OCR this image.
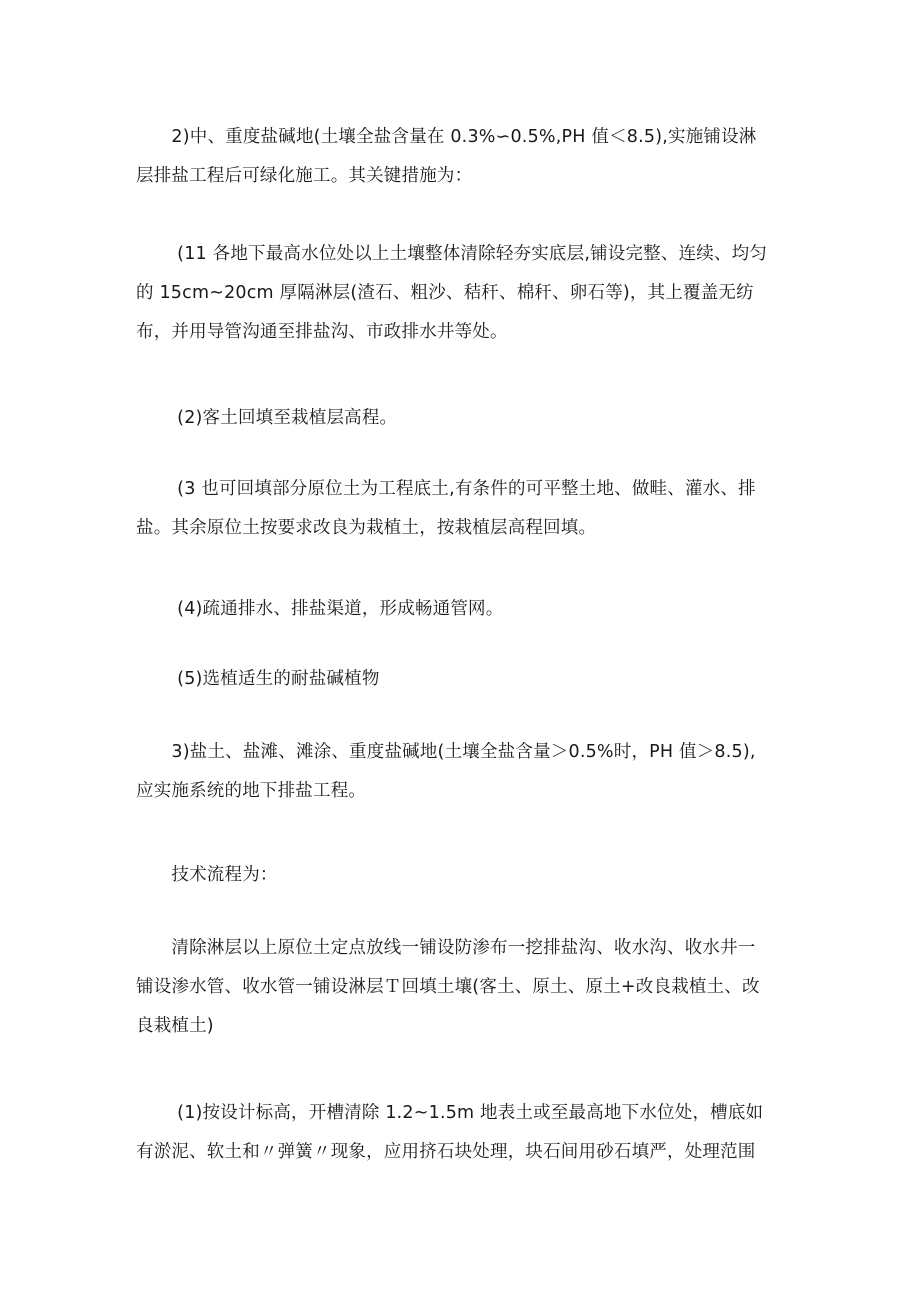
　　2)中、重度盐碱地(土壤全盐含量在 0.3%∽0.5%,PH 值＜8.5),实施铺设淋
层排盐工程后可绿化施工。其关键措施为：

　　 (11 各地下最高水位处以上土壤整体清除轻夯实底层,铺设完整、连续、均匀
的 15cm~20cm 厚隔淋层(渣石、粗沙、秸秆、棉秆、卵石等)，其上覆盖无纺
布，并用导管沟通至排盐沟、市政排水井等处。

　　 (2)客土回填至栽植层高程。

　　 (3 也可回填部分原位土为工程底土,有条件的可平整土地、做畦、灌水、排
盐。其余原位土按要求改良为栽植土，按栽植层高程回填。

　　 (4)疏通排水、排盐渠道，形成畅通管网。

　　 (5)选植适生的耐盐碱植物

　　3)盐土、盐滩、滩涂、重度盐碱地(土壤全盐含量＞0.5%时，PH 值＞8.5),
应实施系统的地下排盐工程。

　　技术流程为：

　　清除淋层以上原位土定点放线一铺设防渗布一挖排盐沟、收水沟、收水井一
铺设渗水管、收水管一铺设淋层Ｔ回填土壤(客土、原土、原土+改良栽植土、改
良栽植土)

　　 (1)按设计标高，开槽清除 1.2~1.5m 地表土或至最高地下水位处，槽底如
有淤泥、软土和〃弹簧〃现象，应用挤石块处理，块石间用砂石填严，处理范围
